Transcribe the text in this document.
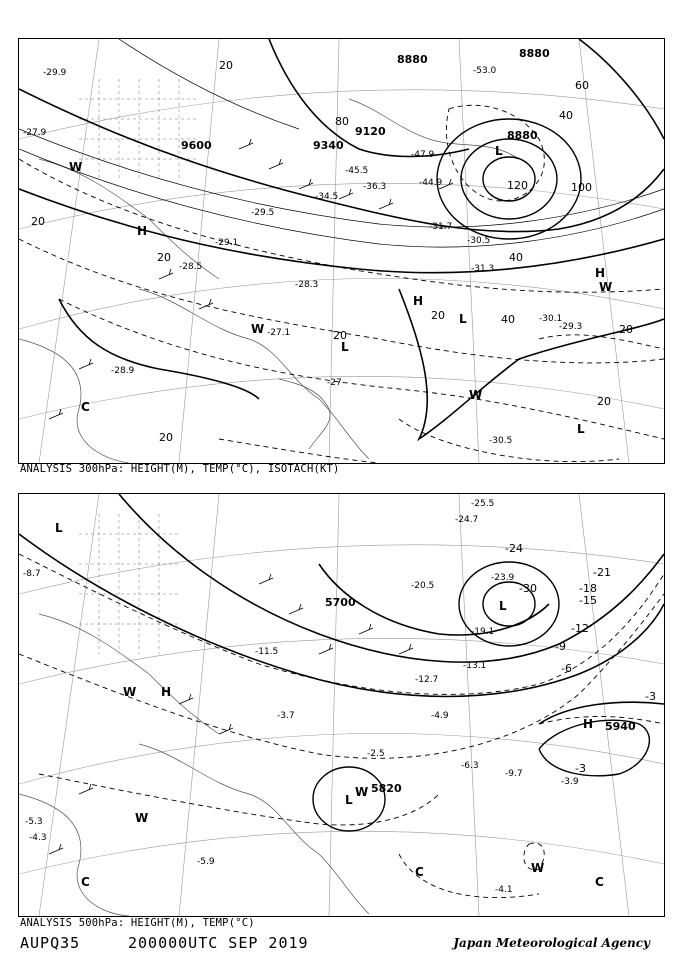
9600	9340
9120
8880
8880
8880
20
40
60
80
100
120
40
20
20
20
20	20
40
20
20
H
H
H
L
L
L
L
W
W
W
W
C
-29.9
-27.9
-28.5
-29.1
-31.7
-31.3
-30.5
-30.1
-29.3
-30.5
-28.9
-27.1
-27
-53.0
-47.9
-44.9
-45.5
-36.3
-34.5
-29.5
-28.3
ANALYSIS 300hPa: HEIGHT(M), TEMP(°C), ISOTACH(KT)
5700
5820
5940
-24
-21
-18
-15
-12
-9
-6
-3
-30
-3
L
L
L
H
H
W
W
W
W
C
C
C
-25.5
-24.7
-23.9
-20.5
-19.1
-13.1
-12.7
-11.5
-9.7
-5.3
-6.3
-4.9
-4.1
-3.9
-3.7
-2.5
-8.7
-5.9
-4.3
ANALYSIS 500hPa: HEIGHT(M), TEMP(°C)
AUPQ35	200000UTC SEP 2019	Japan Meteorological Agency
